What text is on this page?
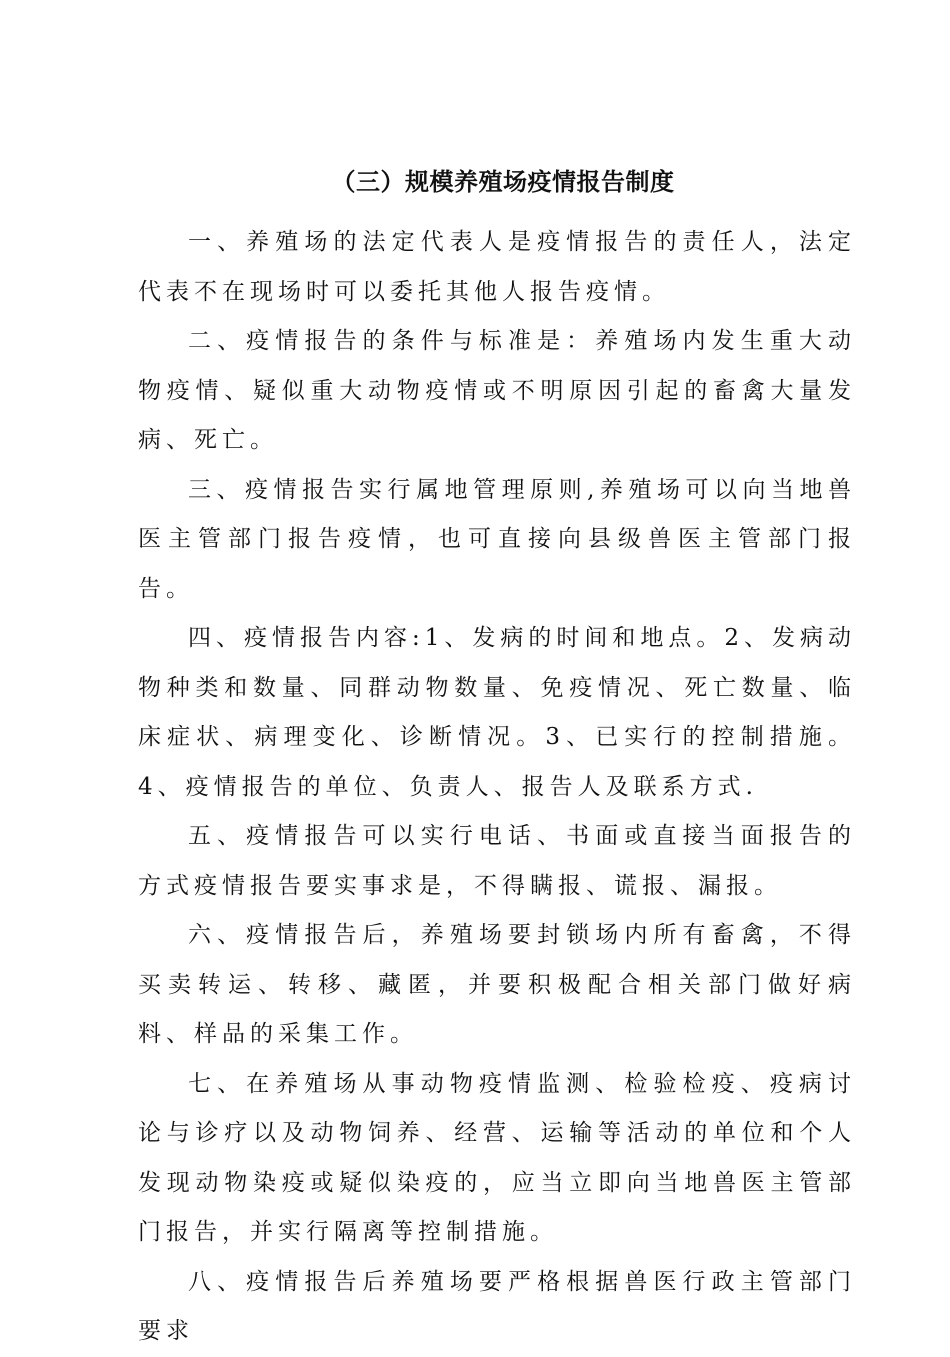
（三）规模养殖场疫情报告制度

一、养殖场的法定代表人是疫情报告的责任人，法定代表不在现场时可以委托其他人报告疫情。

二、疫情报告的条件与标准是：养殖场内发生重大动物疫情、疑似重大动物疫情或不明原因引起的畜禽大量发病、死亡。

三、疫情报告实行属地管理原则,养殖场可以向当地兽医主管部门报告疫情，也可直接向县级兽医主管部门报告。

四、疫情报告内容:1、发病的时间和地点。2、发病动物种类和数量、同群动物数量、免疫情况、死亡数量、临床症状、病理变化、诊断情况。3、已实行的控制措施。4、疫情报告的单位、负责人、报告人及联系方式.

五、疫情报告可以实行电话、书面或直接当面报告的方式疫情报告要实事求是，不得瞒报、谎报、漏报。

六、疫情报告后，养殖场要封锁场内所有畜禽，不得买卖转运、转移、藏匿，并要积极配合相关部门做好病料、样品的采集工作。

七、在养殖场从事动物疫情监测、检验检疫、疫病讨论与诊疗以及动物饲养、经营、运输等活动的单位和个人发现动物染疫或疑似染疫的，应当立即向当地兽医主管部门报告，并实行隔离等控制措施。

八、疫情报告后养殖场要严格根据兽医行政主管部门要求
